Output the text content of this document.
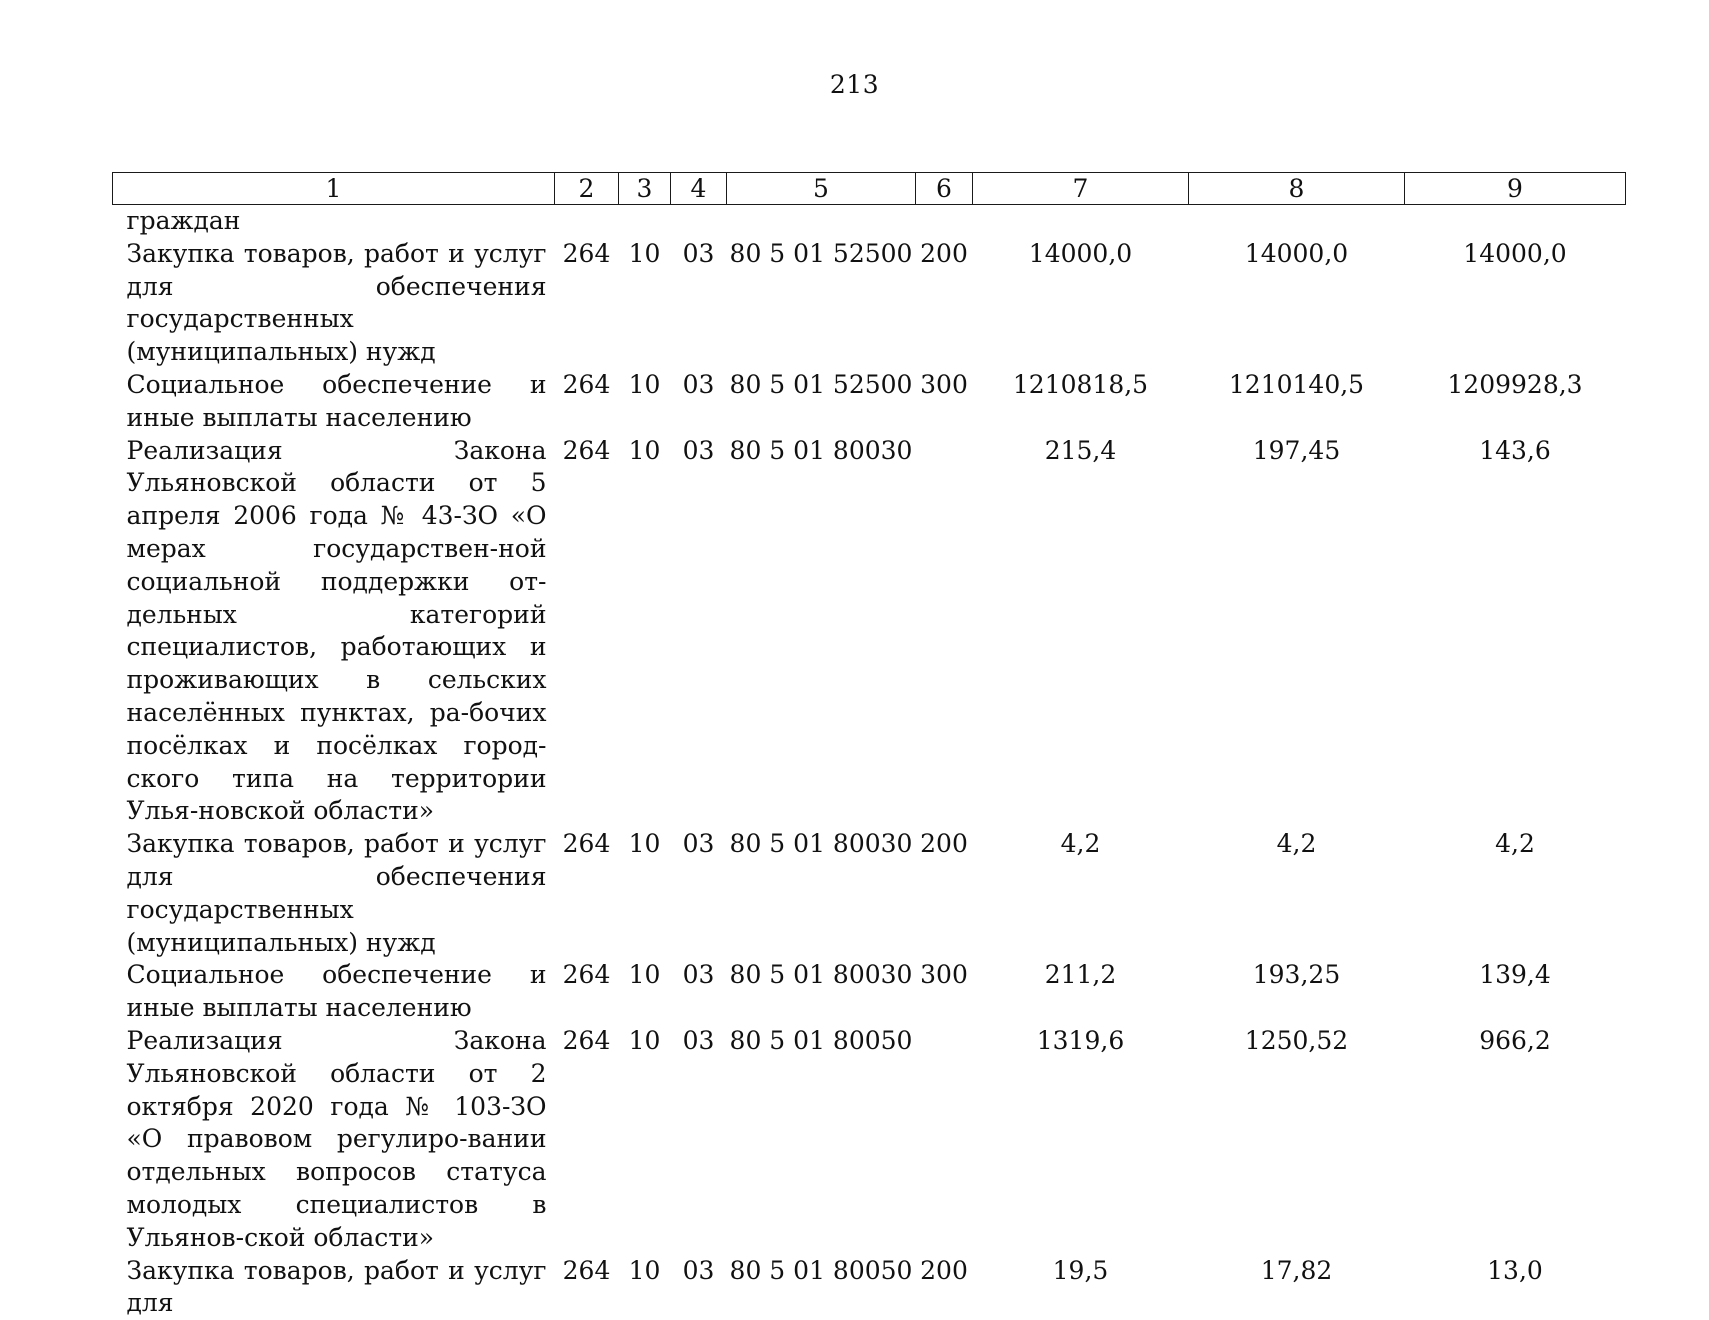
213
1	2	3	4	5	6	7	8	9
граждан								
Закупка товаров, работ и услуг для обеспечения государственных (муниципальных) нужд	264	10	03	80 5 01 52500	200	14000,0	14000,0	14000,0
Социальное обеспечение и иные выплаты населению	264	10	03	80 5 01 52500	300	1210818,5	1210140,5	1209928,3
Реализация Закона Ульяновской области от 5 апреля 2006 года № 43-ЗО «О мерах государствен-ной социальной поддержки от-дельных категорий специалистов, работающих и проживающих в сельских населённых пунктах, ра-бочих посёлках и посёлках город-ского типа на территории Улья-новской области»	264	10	03	80 5 01 80030		215,4	197,45	143,6
Закупка товаров, работ и услуг для обеспечения государственных (муниципальных) нужд	264	10	03	80 5 01 80030	200	4,2	4,2	4,2
Социальное обеспечение и иные выплаты населению	264	10	03	80 5 01 80030	300	211,2	193,25	139,4
Реализация Закона Ульяновской области от 2 октября 2020 года № 103-ЗО «О правовом регулиро-вании отдельных вопросов статуса молодых специалистов в Ульянов-ской области»	264	10	03	80 5 01 80050		1319,6	1250,52	966,2
Закупка товаров, работ и услуг для	264	10	03	80 5 01 80050	200	19,5	17,82	13,0
